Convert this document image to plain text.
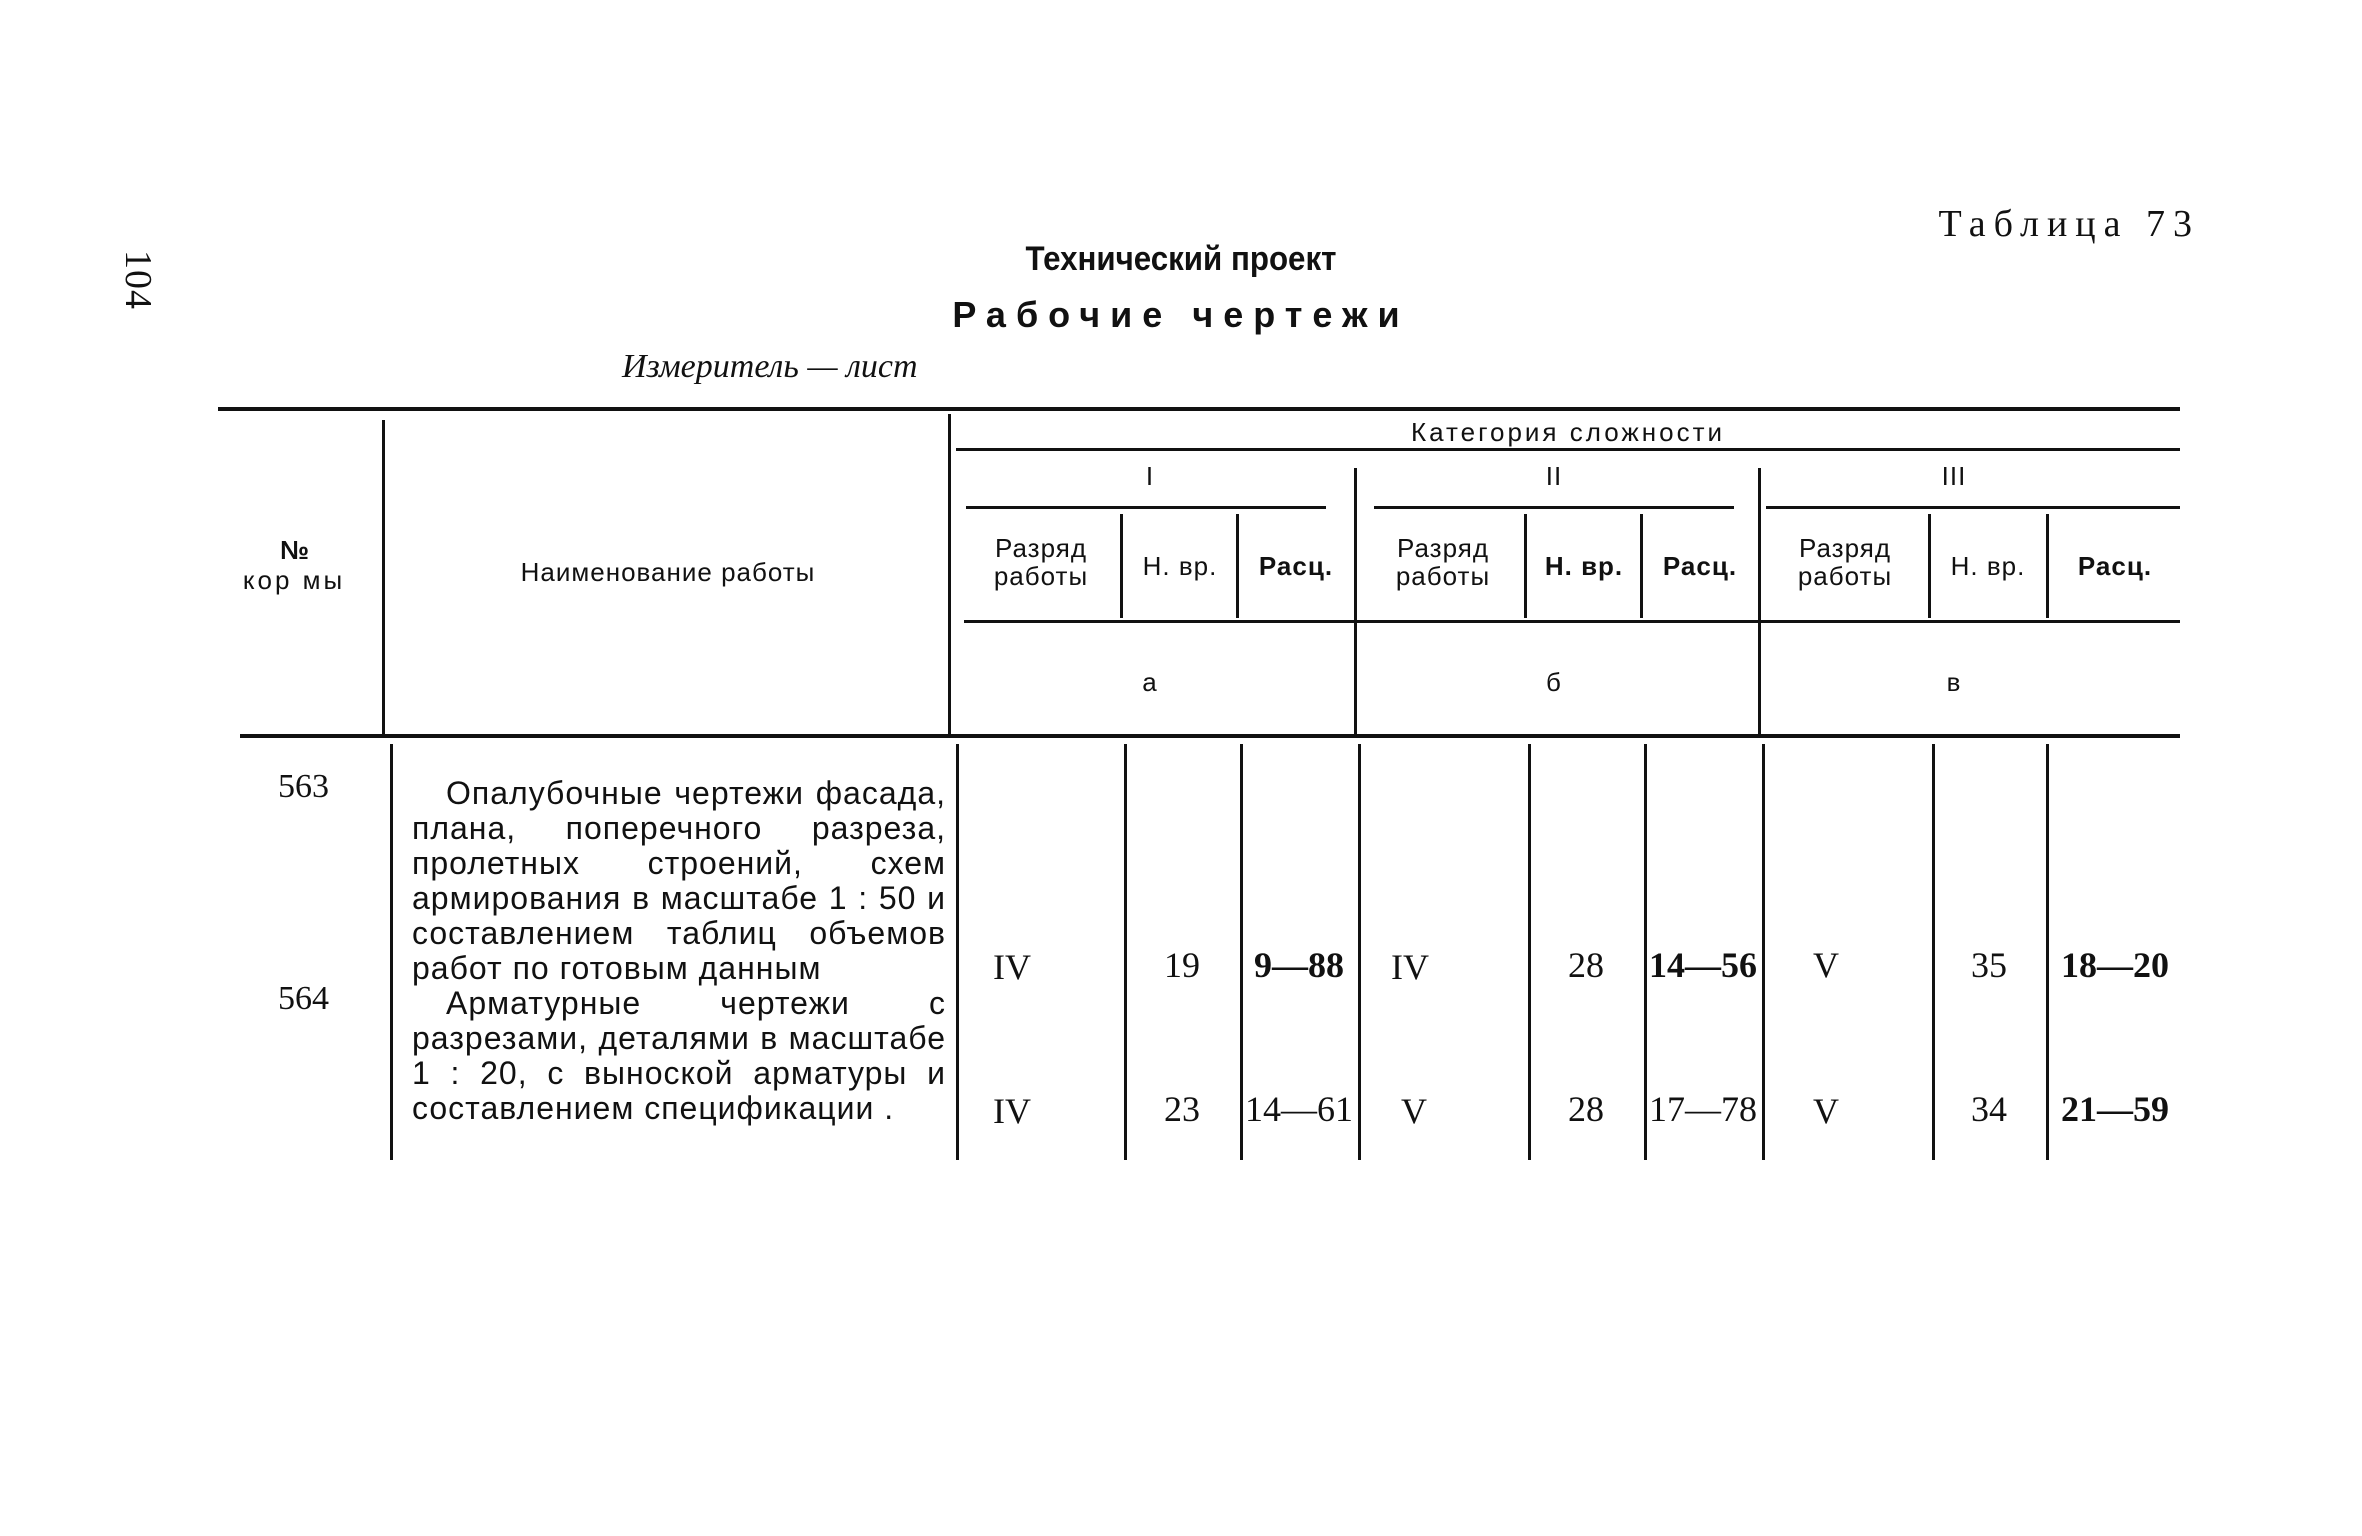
104
Таблица 73
Технический проект
Рабочие чертежи
Измеритель — лист
№
кор мы	Наименование работы
Категория сложности
I
Разряд работы	Н. вр.	Расц.
а
II
Разряд работы	Н. вр.	Расц.
б
III
Разряд работы	Н. вр.	Расц.
в
563	Опалубочные чертежи фасада, плана, поперечного разреза, пролетных строений, схем армирования в масштабе 1 : 50 и составлением таблиц объемов работ по готовым данным	IV	19	9—88	IV	28	14—56	V	35	18—20
564	Арматурные чертежи с разрезами, деталями в масштабе 1 : 20, с выноской арматуры и составлением спецификации .	IV	23	14—61	V	28	17—78	V	34	21—59
